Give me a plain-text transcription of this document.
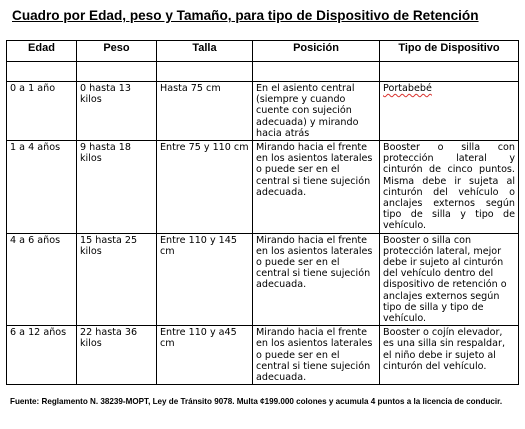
Cuadro por Edad, peso y Tamaño, para tipo de Dispositivo de Retención
Edad	Peso	Talla	Posición	Tipo de Dispositivo

0 a 1 año	0 hasta 13 kilos	Hasta 75 cm	En el asiento central (siempre y cuando cuente con sujeción adecuada) y mirando hacia atrás	Portabebé
1 a 4 años	9 hasta 18 kilos	Entre 75 y 110 cm	Mirando hacia el frente en los asientos laterales o puede ser en el central si tiene sujeción adecuada.	Booster o silla con protección lateral y cinturón de cinco puntos. Misma debe ir sujeta al cinturón del vehículo o anclajes externos según tipo de silla y tipo de vehículo.
4 a 6 años	15 hasta 25 kilos	Entre 110 y 145 cm	Mirando hacia el frente en los asientos laterales o puede ser en el central si tiene sujeción adecuada.	Booster o silla con protección lateral, mejor debe ir sujeto al cinturón del vehículo dentro del dispositivo de retención o anclajes externos según tipo de silla y tipo de vehículo.
6 a 12 años	22 hasta 36 kilos	Entre 110 y a45 cm	Mirando hacia el frente en los asientos laterales o puede ser en el central si tiene sujeción adecuada.	Booster o cojín elevador, es una silla sin respaldar, el niño debe ir sujeto al cinturón del vehículo.

Fuente: Reglamento N. 38239-MOPT, Ley de Tránsito 9078. Multa ¢199.000 colones y acumula 4 puntos a la licencia de conducir.
